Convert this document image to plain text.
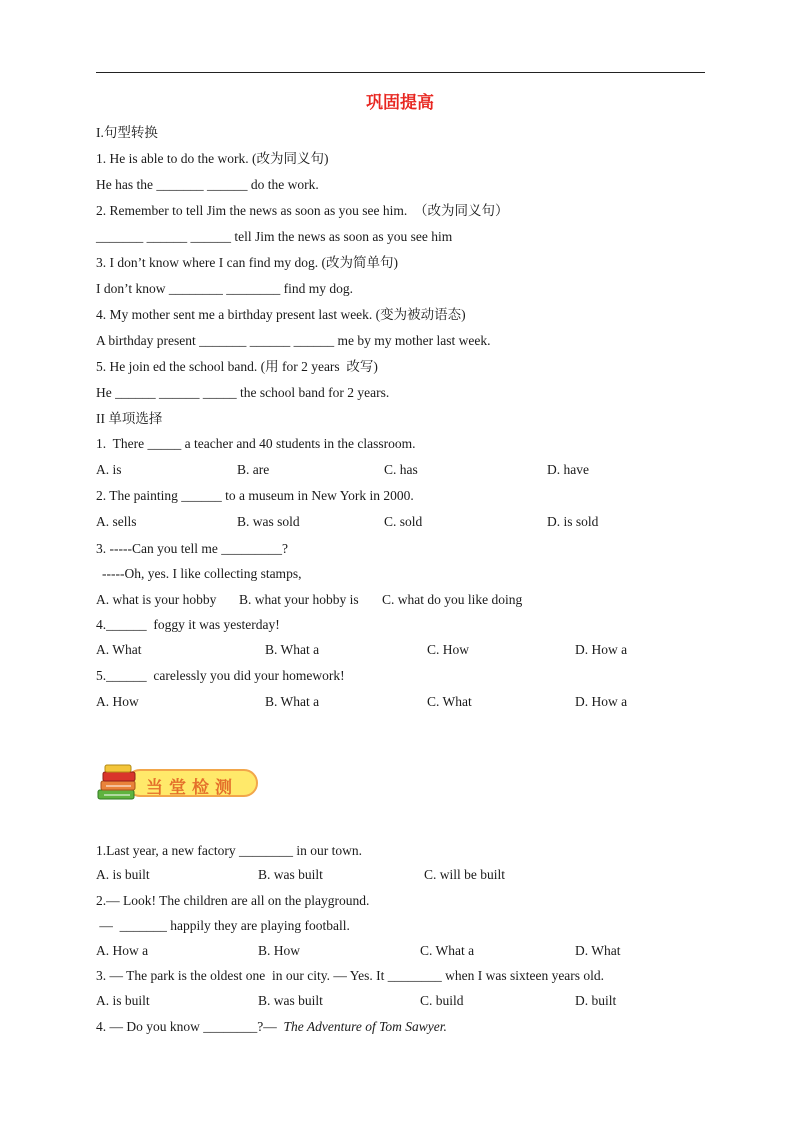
巩固提高
I.句型转换
1. He is able to do the work. (改为同义句)
He has the _______ ______ do the work.
2. Remember to tell Jim the news as soon as you see him.  （改为同义句）
_______ ______ ______ tell Jim the news as soon as you see him
3. I don’t know where I can find my dog. (改为简单句)
I don’t know ________ ________ find my dog.
4. My mother sent me a birthday present last week. (变为被动语态)
A birthday present _______ ______ ______ me by my mother last week.
5. He join ed the school band. (用 for 2 years  改写)
He ______ ______ _____ the school band for 2 years.
II 单项选择
1.  There _____ a teacher and 40 students in the classroom.
A. is	B. are	C. has	D. have
2. The painting ______ to a museum in New York in 2000.
A. sells	B. was sold	C. sold	D. is sold
3. -----Can you tell me _________?
-----Oh, yes. I like collecting stamps,
A. what is your hobby B. what your hobby is C. what do you like doing
4.______  foggy it was yesterday!
A. What	B. What a	C. How	D. How a
5.______  carelessly you did your homework!
A. How	B. What a	C. What	D. How a
当堂检测
1.Last year, a new factory ________ in our town.
A. is built	B. was built	C. will be built
2.— Look! The children are all on the playground.
—  _______ happily they are playing football.
A. How a	B. How	C. What a	D. What
3. — The park is the oldest one  in our city. — Yes. It ________ when I was sixteen years old.
A. is built	B. was built	C. build	D. built
4. — Do you know ________?—  The Adventure of Tom Sawyer.
